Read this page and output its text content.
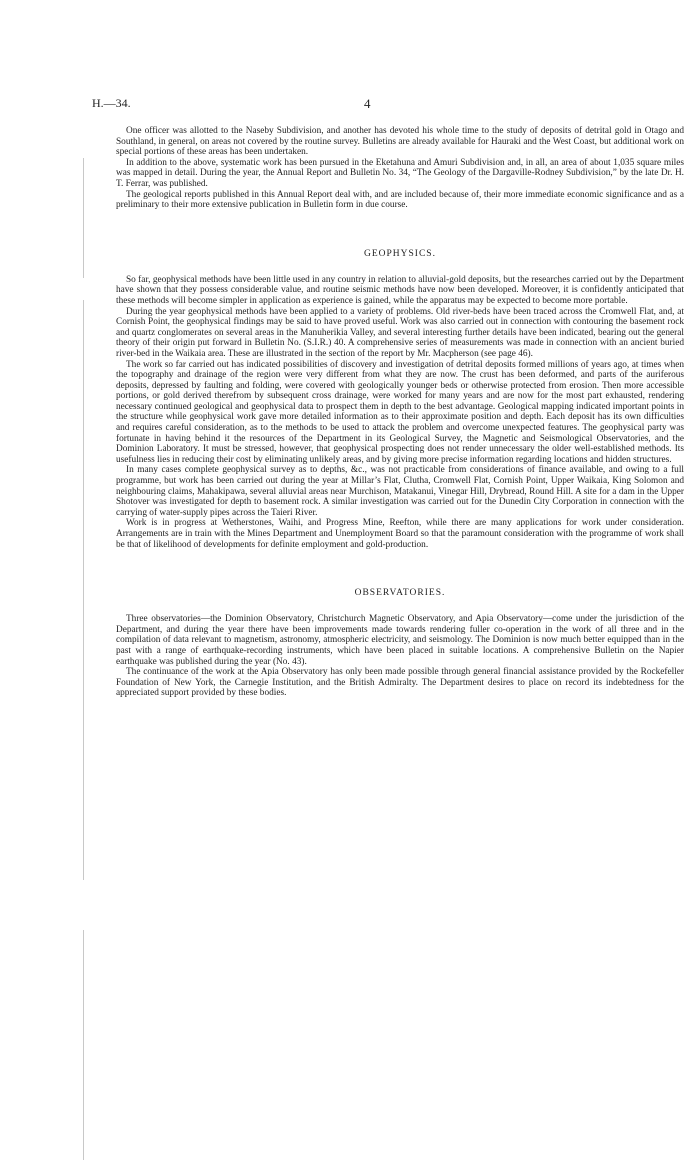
H.—34.	4

One officer was allotted to the Naseby Subdivision, and another has devoted his whole time to the study of deposits of detrital gold in Otago and Southland, in general, on areas not covered by the routine survey. Bulletins are already available for Hauraki and the West Coast, but additional work on special portions of these areas has been undertaken.

In addition to the above, systematic work has been pursued in the Eketahuna and Amuri Subdivision and, in all, an area of about 1,035 square miles was mapped in detail. During the year, the Annual Report and Bulletin No. 34, “The Geology of the Dargaville-Rodney Subdivision,” by the late Dr. H. T. Ferrar, was published.

The geological reports published in this Annual Report deal with, and are included because of, their more immediate economic significance and as a preliminary to their more extensive publication in Bulletin form in due course.

GEOPHYSICS.

So far, geophysical methods have been little used in any country in relation to alluvial-gold deposits, but the researches carried out by the Department have shown that they possess considerable value, and routine seismic methods have now been developed. Moreover, it is confidently anticipated that these methods will become simpler in application as experience is gained, while the apparatus may be expected to become more portable.

During the year geophysical methods have been applied to a variety of problems. Old river-beds have been traced across the Cromwell Flat, and, at Cornish Point, the geophysical findings may be said to have proved useful. Work was also carried out in connection with contouring the basement rock and quartz conglomerates on several areas in the Manuherikia Valley, and several interesting further details have been indicated, bearing out the general theory of their origin put forward in Bulletin No. (S.I.R.) 40. A comprehensive series of measurements was made in connection with an ancient buried river-bed in the Waikaia area. These are illustrated in the section of the report by Mr. Macpherson (see page 46).

The work so far carried out has indicated possibilities of discovery and investigation of detrital deposits formed millions of years ago, at times when the topography and drainage of the region were very different from what they are now. The crust has been deformed, and parts of the auriferous deposits, depressed by faulting and folding, were covered with geologically younger beds or otherwise protected from erosion. Then more accessible portions, or gold derived therefrom by subsequent cross drainage, were worked for many years and are now for the most part exhausted, rendering necessary continued geological and geophysical data to prospect them in depth to the best advantage. Geological mapping indicated important points in the structure while geophysical work gave more detailed information as to their approximate position and depth. Each deposit has its own difficulties and requires careful consideration, as to the methods to be used to attack the problem and overcome unexpected features. The geophysical party was fortunate in having behind it the resources of the Department in its Geological Survey, the Magnetic and Seismological Observatories, and the Dominion Laboratory. It must be stressed, however, that geophysical prospecting does not render unnecessary the older well-established methods. Its usefulness lies in reducing their cost by eliminating unlikely areas, and by giving more precise information regarding locations and hidden structures.

In many cases complete geophysical survey as to depths, &c., was not practicable from considerations of finance available, and owing to a full programme, but work has been carried out during the year at Millar’s Flat, Clutha, Cromwell Flat, Cornish Point, Upper Waikaia, King Solomon and neighbouring claims, Mahakipawa, several alluvial areas near Murchison, Matakanui, Vinegar Hill, Drybread, Round Hill. A site for a dam in the Upper Shotover was investigated for depth to basement rock. A similar investigation was carried out for the Dunedin City Corporation in connection with the carrying of water-supply pipes across the Taieri River.

Work is in progress at Wetherstones, Waihi, and Progress Mine, Reefton, while there are many applications for work under consideration. Arrangements are in train with the Mines Department and Unemployment Board so that the paramount consideration with the programme of work shall be that of likelihood of developments for definite employment and gold-production.

OBSERVATORIES.

Three observatories—the Dominion Observatory, Christchurch Magnetic Observatory, and Apia Observatory—come under the jurisdiction of the Department, and during the year there have been improvements made towards rendering fuller co-operation in the work of all three and in the compilation of data relevant to magnetism, astronomy, atmospheric electricity, and seismology. The Dominion is now much better equipped than in the past with a range of earthquake-recording instruments, which have been placed in suitable locations. A comprehensive Bulletin on the Napier earthquake was published during the year (No. 43).

The continuance of the work at the Apia Observatory has only been made possible through general financial assistance provided by the Rockefeller Foundation of New York, the Carnegie Institution, and the British Admiralty. The Department desires to place on record its indebtedness for the appreciated support provided by these bodies.
